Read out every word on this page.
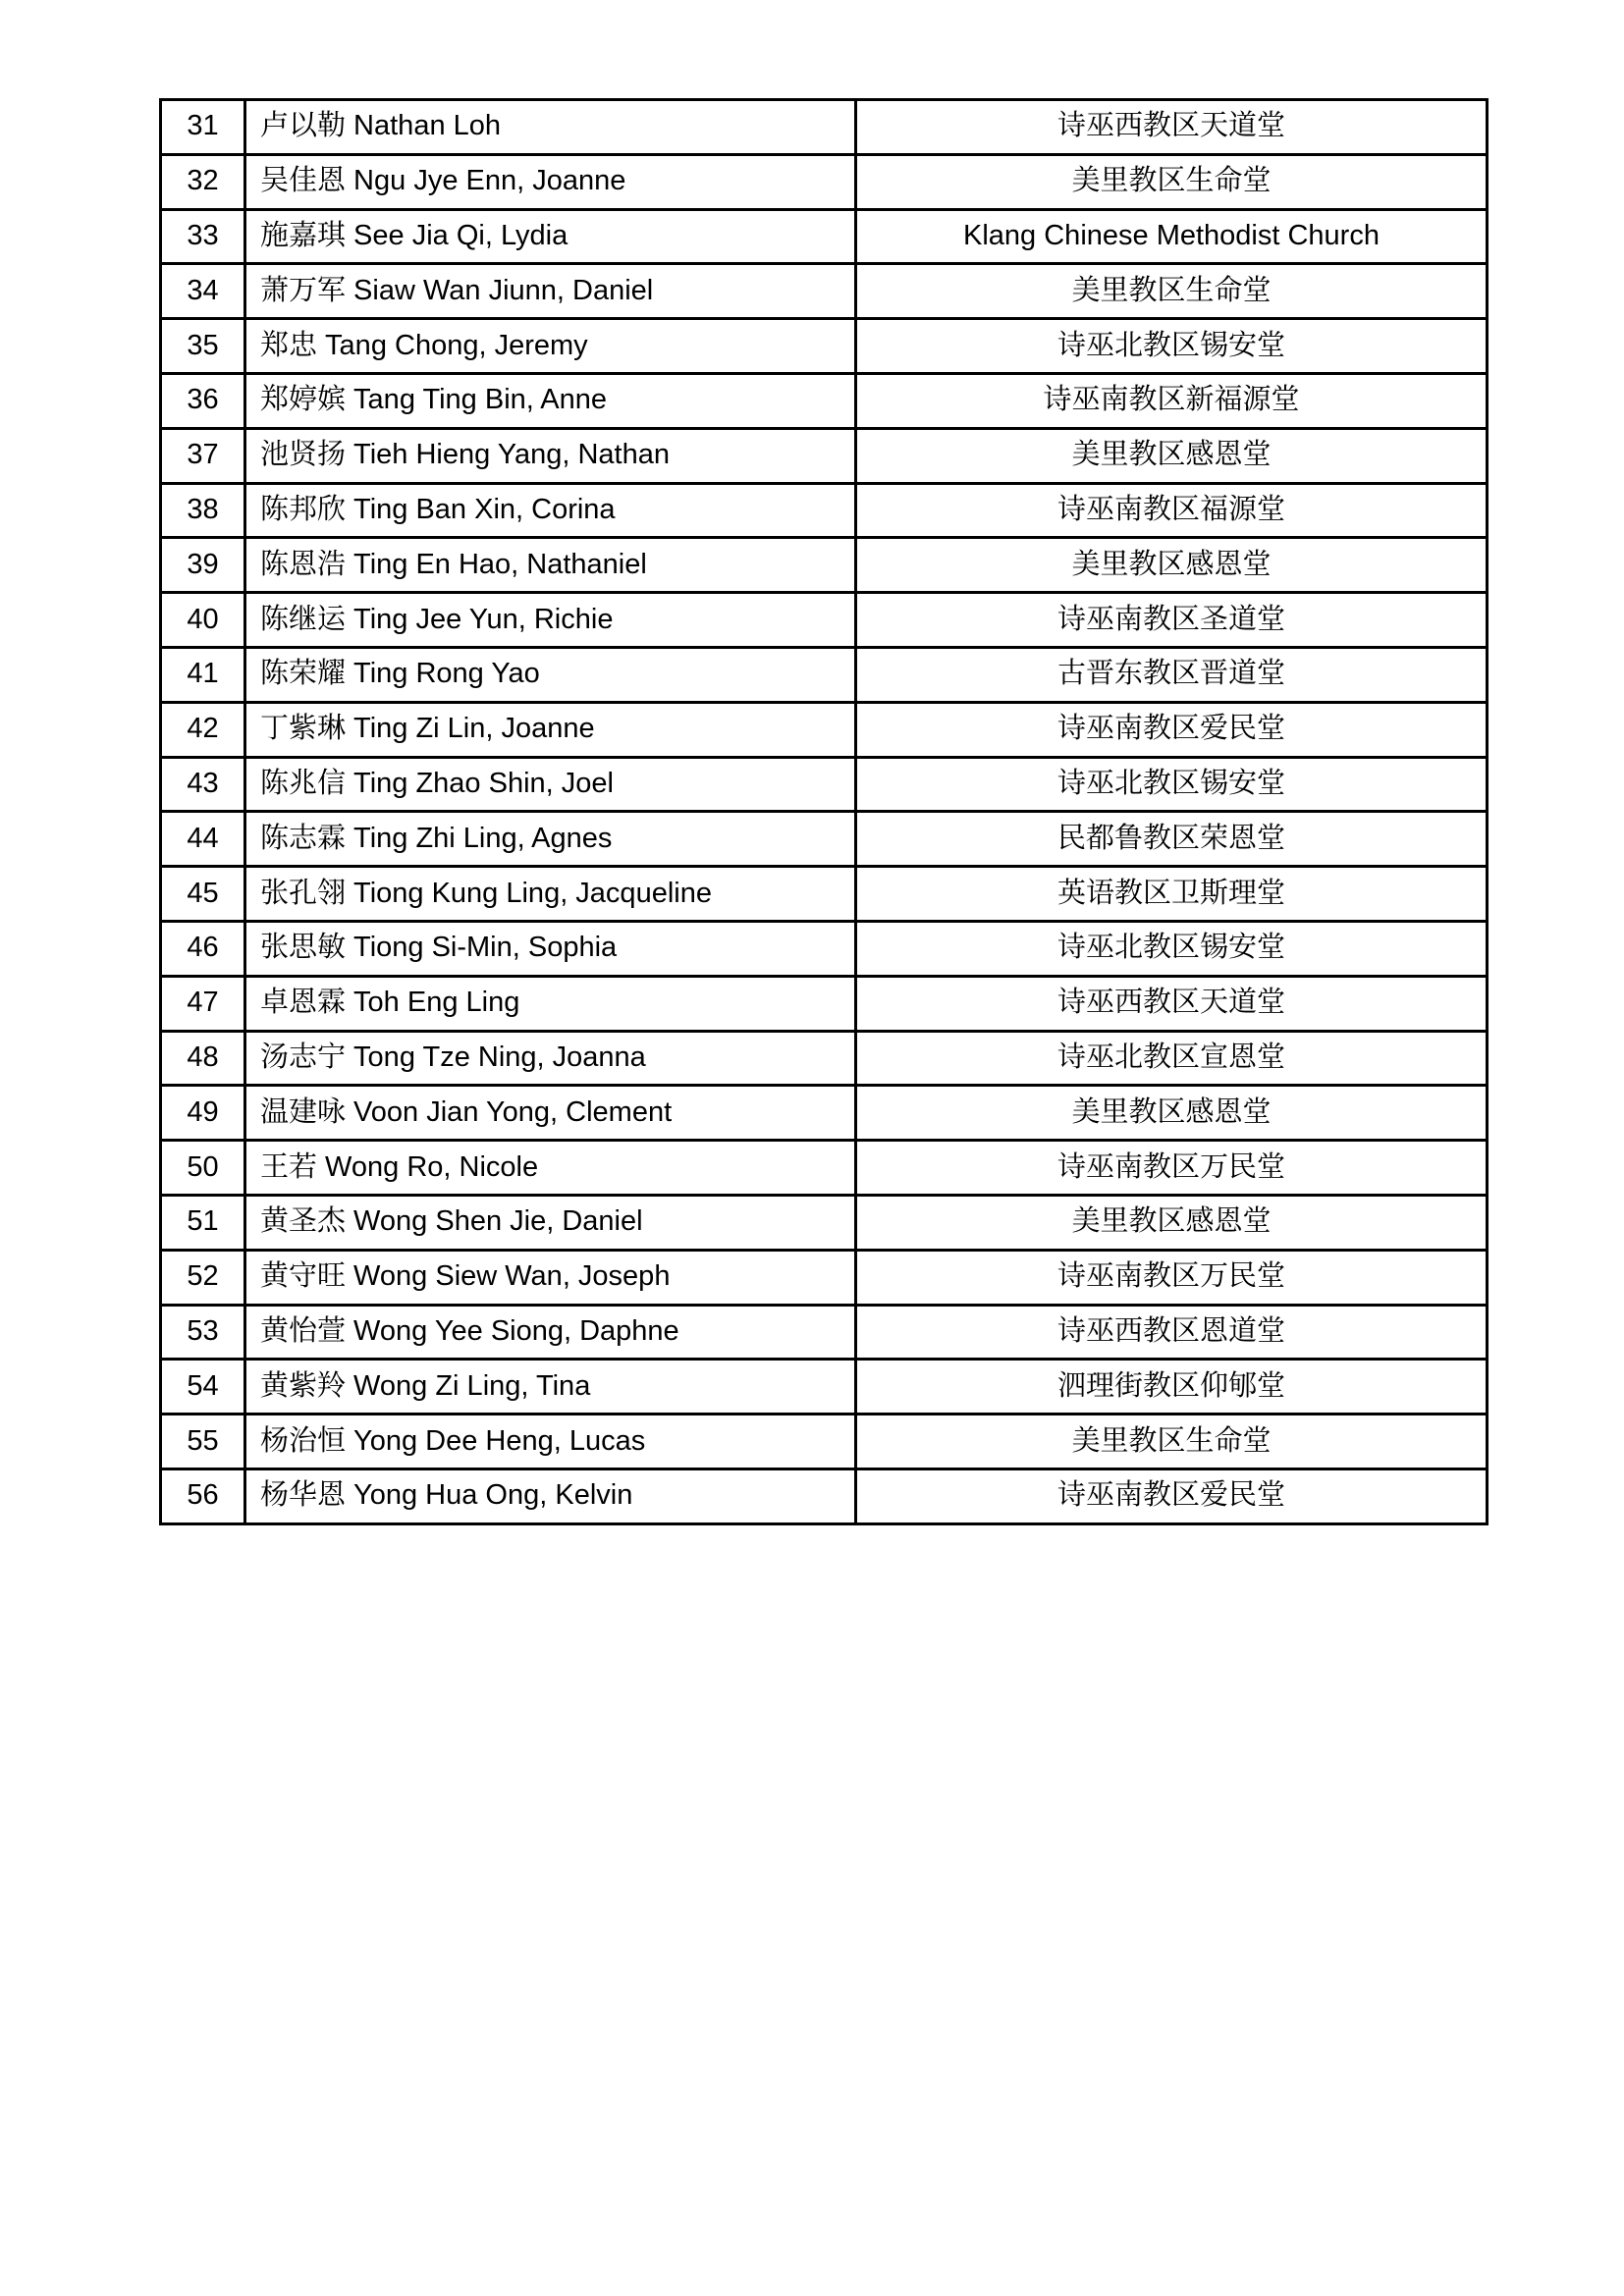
31	卢以勒 Nathan Loh	诗巫西教区天道堂
32	吴佳恩 Ngu Jye Enn, Joanne	美里教区生命堂
33	施嘉琪 See Jia Qi, Lydia	Klang Chinese Methodist Church
34	萧万军 Siaw Wan Jiunn, Daniel	美里教区生命堂
35	郑忠 Tang Chong, Jeremy	诗巫北教区锡安堂
36	郑婷嫔 Tang Ting Bin, Anne	诗巫南教区新福源堂
37	池贤扬 Tieh Hieng Yang, Nathan	美里教区感恩堂
38	陈邦欣 Ting Ban Xin, Corina	诗巫南教区福源堂
39	陈恩浩 Ting En Hao, Nathaniel	美里教区感恩堂
40	陈继运 Ting Jee Yun, Richie	诗巫南教区圣道堂
41	陈荣耀 Ting Rong Yao	古晋东教区晋道堂
42	丁紫琳 Ting Zi Lin, Joanne	诗巫南教区爱民堂
43	陈兆信 Ting Zhao Shin, Joel	诗巫北教区锡安堂
44	陈志霖 Ting Zhi Ling, Agnes	民都鲁教区荣恩堂
45	张孔翎 Tiong Kung Ling, Jacqueline	英语教区卫斯理堂
46	张思敏 Tiong Si-Min, Sophia	诗巫北教区锡安堂
47	卓恩霖 Toh Eng Ling	诗巫西教区天道堂
48	汤志宁 Tong Tze Ning, Joanna	诗巫北教区宣恩堂
49	温建咏 Voon Jian Yong, Clement	美里教区感恩堂
50	王若 Wong Ro, Nicole	诗巫南教区万民堂
51	黄圣杰 Wong Shen Jie, Daniel	美里教区感恩堂
52	黄守旺 Wong Siew Wan, Joseph	诗巫南教区万民堂
53	黄怡萱 Wong Yee Siong, Daphne	诗巫西教区恩道堂
54	黄紫羚 Wong Zi Ling, Tina	泗理街教区仰郇堂
55	杨治恒 Yong Dee Heng, Lucas	美里教区生命堂
56	杨华恩 Yong Hua Ong, Kelvin	诗巫南教区爱民堂
